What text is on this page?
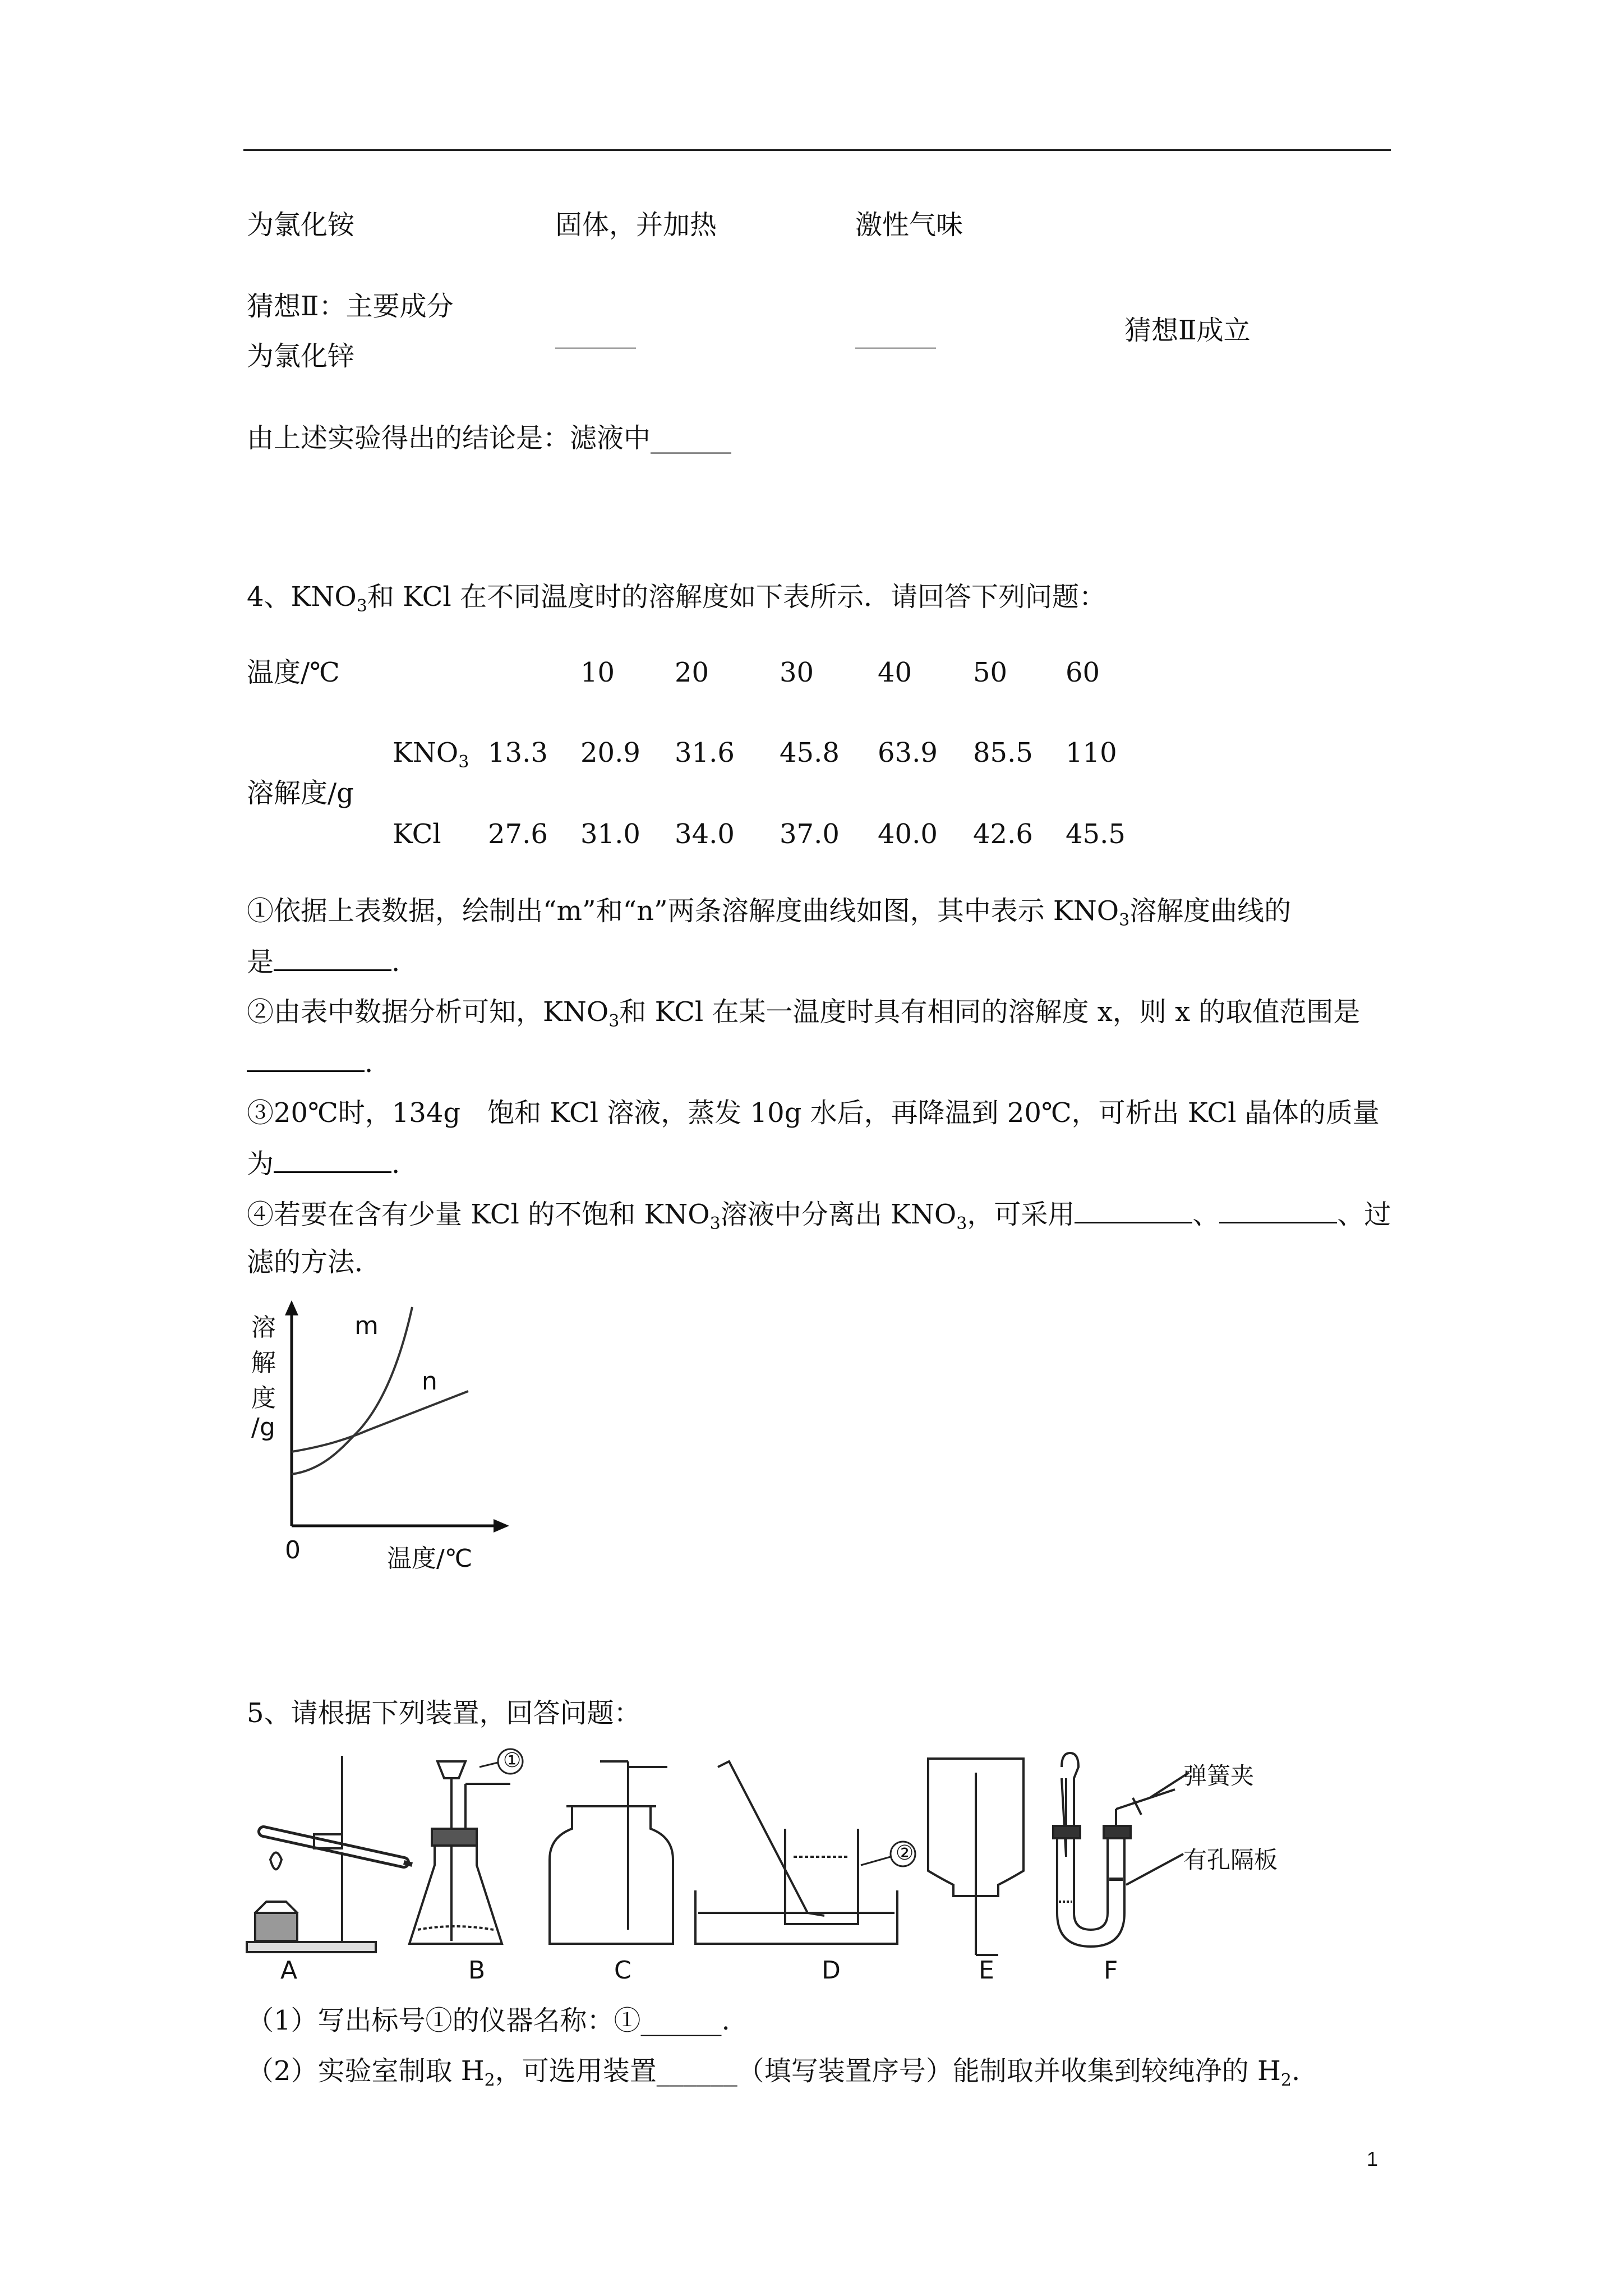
为氯化铵	固体，并加热	激性气味
猜想Ⅱ：主要成分
为氯化锌
______	______	猜想Ⅱ成立
由上述实验得出的结论是：滤液中______
4、$KNO_3$和 KCl 在不同温度时的溶解度如下表所示．请回答下列问题：
温度/℃	10 20	30 40 50 60
$KNO_3$ 13.3 20.9 31.6 45.8 63.9 85.5 110
溶解度/g
KCl 27.6 31.0 34.0 37.0 40.0 42.6 45.5
①依据上表数据，绘制出“m”和“n”两条溶解度曲线如图，其中表示 $KNO_3$溶解度曲线的
是	.
②由表中数据分析可知，$KNO_3$和 KCl 在某一温度时具有相同的溶解度 x，则 x 的取值范围是
.
③20℃时，134g　饱和 KCl 溶液，蒸发 10g 水后，再降温到 20℃，可析出 KCl 晶体的质量
为	.
④若要在含有少量 KCl 的不饱和 $KNO_3$溶液中分离出 $KNO_3$，可采用	、	、过
滤的方法．
溶
解
度
/g
m
n
0	温度/℃
5、请根据下列装置，回答问题：
①
②
弹簧夹
有孔隔板
A	B	C	D	E	F
（1）写出标号①的仪器名称：①______.
（2）实验室制取 $H_2$，可选用装置______（填写装置序号）能制取并收集到较纯净的 $H_2$.
1
